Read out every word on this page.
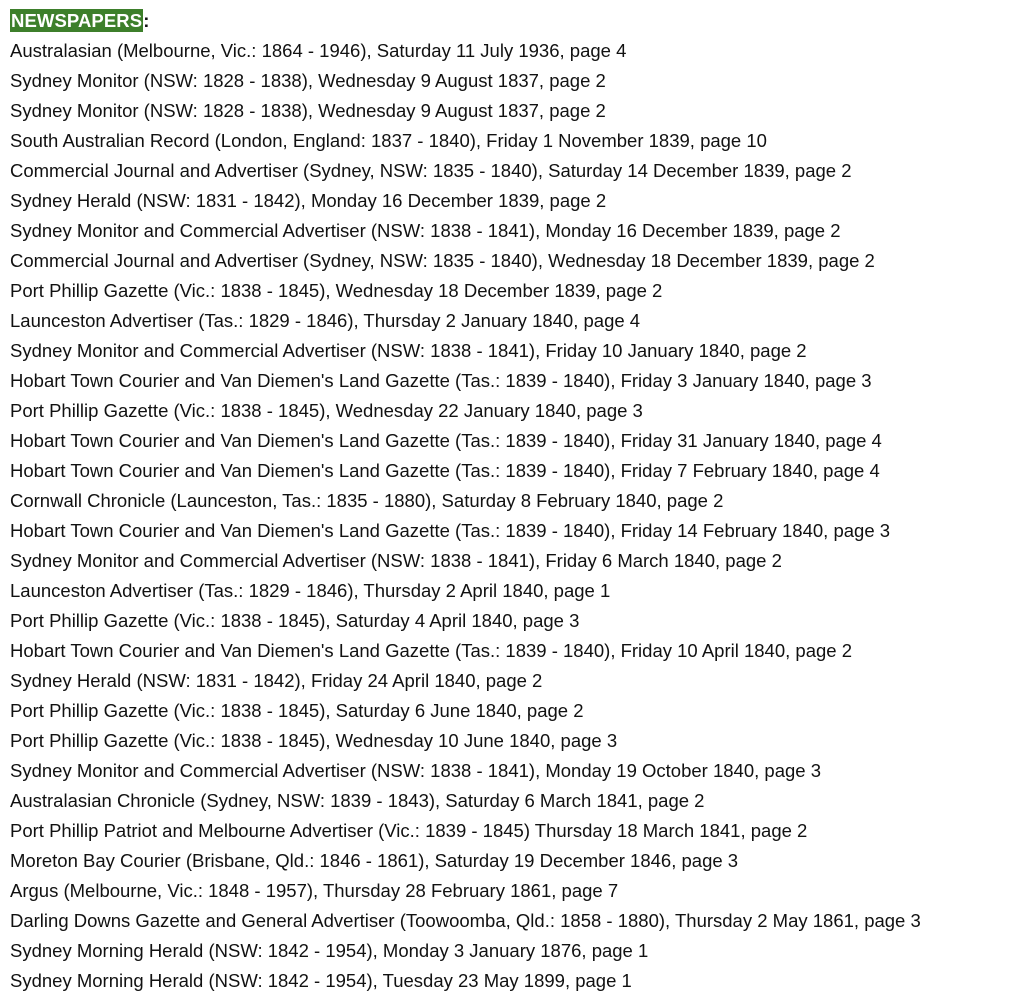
NEWSPAPERS:
Australasian (Melbourne, Vic.: 1864 - 1946), Saturday 11 July 1936, page 4
Sydney Monitor (NSW: 1828 - 1838), Wednesday 9 August 1837, page 2
Sydney Monitor (NSW: 1828 - 1838), Wednesday 9 August 1837, page 2
South Australian Record (London, England: 1837 - 1840), Friday 1 November 1839, page 10
Commercial Journal and Advertiser (Sydney, NSW: 1835 - 1840), Saturday 14 December 1839, page 2
Sydney Herald (NSW: 1831 - 1842), Monday 16 December 1839, page 2
Sydney Monitor and Commercial Advertiser (NSW: 1838 - 1841), Monday 16 December 1839, page 2
Commercial Journal and Advertiser (Sydney, NSW: 1835 - 1840), Wednesday 18 December 1839, page 2
Port Phillip Gazette (Vic.: 1838 - 1845), Wednesday 18 December 1839, page 2
Launceston Advertiser (Tas.: 1829 - 1846), Thursday 2 January 1840, page 4
Sydney Monitor and Commercial Advertiser (NSW: 1838 - 1841), Friday 10 January 1840, page 2
Hobart Town Courier and Van Diemen's Land Gazette (Tas.: 1839 - 1840), Friday 3 January 1840, page 3
Port Phillip Gazette (Vic.: 1838 - 1845), Wednesday 22 January 1840, page 3
Hobart Town Courier and Van Diemen's Land Gazette (Tas.: 1839 - 1840), Friday 31 January 1840, page 4
Hobart Town Courier and Van Diemen's Land Gazette (Tas.: 1839 - 1840), Friday 7 February 1840, page 4
Cornwall Chronicle (Launceston, Tas.: 1835 - 1880), Saturday 8 February 1840, page 2
Hobart Town Courier and Van Diemen's Land Gazette (Tas.: 1839 - 1840), Friday 14 February 1840, page 3
Sydney Monitor and Commercial Advertiser (NSW: 1838 - 1841), Friday 6 March 1840, page 2
Launceston Advertiser (Tas.: 1829 - 1846), Thursday 2 April 1840, page 1
Port Phillip Gazette (Vic.: 1838 - 1845), Saturday 4 April 1840, page 3
Hobart Town Courier and Van Diemen's Land Gazette (Tas.: 1839 - 1840), Friday 10 April 1840, page 2
Sydney Herald (NSW: 1831 - 1842), Friday 24 April 1840, page 2
Port Phillip Gazette (Vic.: 1838 - 1845), Saturday 6 June 1840, page 2
Port Phillip Gazette (Vic.: 1838 - 1845), Wednesday 10 June 1840, page 3
Sydney Monitor and Commercial Advertiser (NSW: 1838 - 1841), Monday 19 October 1840, page 3
Australasian Chronicle (Sydney, NSW: 1839 - 1843), Saturday 6 March 1841, page 2
Port Phillip Patriot and Melbourne Advertiser (Vic.: 1839 - 1845) Thursday 18 March 1841, page 2
Moreton Bay Courier (Brisbane, Qld.: 1846 - 1861), Saturday 19 December 1846, page 3
Argus (Melbourne, Vic.: 1848 - 1957), Thursday 28 February 1861, page 7
Darling Downs Gazette and General Advertiser (Toowoomba, Qld.: 1858 - 1880), Thursday 2 May 1861, page 3
Sydney Morning Herald (NSW: 1842 - 1954), Monday 3 January 1876, page 1
Sydney Morning Herald (NSW: 1842 - 1954), Tuesday 23 May 1899, page 1
